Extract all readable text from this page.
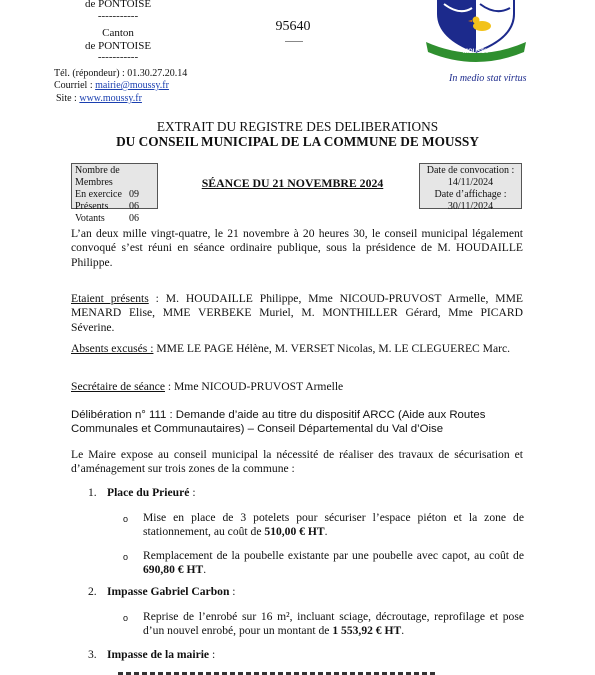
de PONTOISE
-----------
Canton
de PONTOISE
-----------
Tél. (répondeur) : 01.30.27.20.14
Courriel : mairie@moussy.fr
Site : www.moussy.fr
95640
MOUSSY
In medio stat virtus
EXTRAIT DU REGISTRE DES DELIBERATIONS
DU CONSEIL MUNICIPAL DE LA COMMUNE DE MOUSSY
Nombre de Membres
En exercice 09
Présents	06
Votants	06
SÉANCE DU 21 NOVEMBRE 2024
Date de convocation :
14/11/2024
Date d’affichage :
30/11/2024
L’an deux mille vingt-quatre, le 21 novembre à 20 heures 30, le conseil municipal légalement convoqué s’est réuni en séance ordinaire publique, sous la présidence de M. HOUDAILLE Philippe.
Etaient présents : M. HOUDAILLE Philippe, Mme NICOUD-PRUVOST Armelle, MME MENARD Elise, MME VERBEKE Muriel, M. MONTHILLER Gérard, Mme PICARD Séverine.
Absents excusés : MME LE PAGE Hélène, M. VERSET Nicolas, M. LE CLEGUEREC Marc.
Secrétaire de séance : Mme NICOUD-PRUVOST Armelle
Délibération n° 111 : Demande d’aide au titre du dispositif ARCC (Aide aux Routes Communales et Communautaires) – Conseil Départemental du Val d’Oise
Le Maire expose au conseil municipal la nécessité de réaliser des travaux de sécurisation et d’aménagement sur trois zones de la commune :
1. Place du Prieuré :
o Mise en place de 3 potelets pour sécuriser l’espace piéton et la zone de stationnement, au coût de 510,00 € HT.
o Remplacement de la poubelle existante par une poubelle avec capot, au coût de 690,80 € HT.
2. Impasse Gabriel Carbon :
o Reprise de l’enrobé sur 16 m², incluant sciage, décroutage, reprofilage et pose d’un nouvel enrobé, pour un montant de 1 553,92 € HT.
3. Impasse de la mairie :
